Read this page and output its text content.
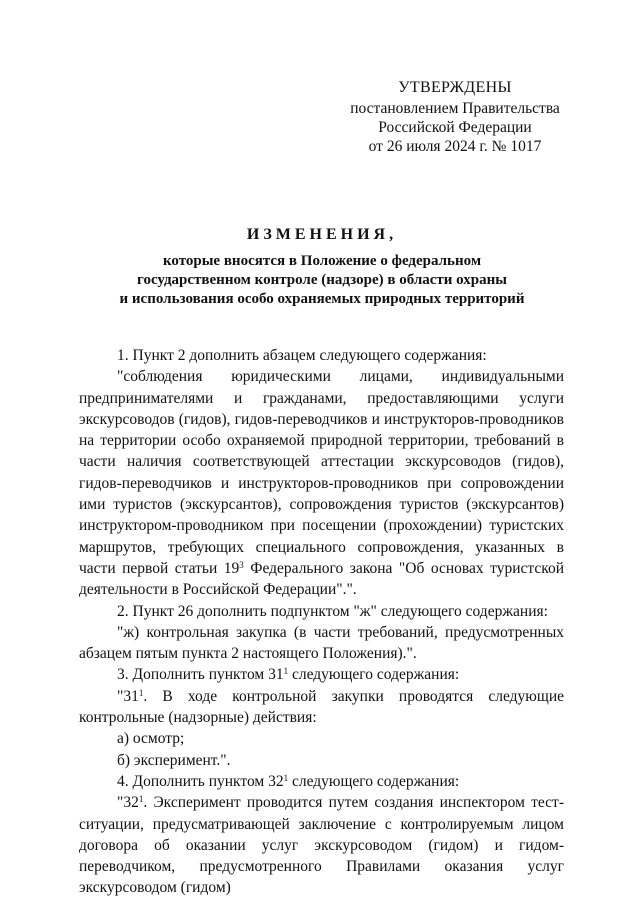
УТВЕРЖДЕНЫ
постановлением Правительства
Российской Федерации
от 26 июля 2024 г. № 1017
ИЗМЕНЕНИЯ,
которые вносятся в Положение о федеральном
государственном контроле (надзоре) в области охраны
и использования особо охраняемых природных территорий

1. Пункт 2 дополнить абзацем следующего содержания:

"соблюдения юридическими лицами, индивидуальными предпринимателями и гражданами, предоставляющими услуги экскурсоводов (гидов), гидов-переводчиков и инструкторов-проводников на территории особо охраняемой природной территории, требований в части наличия соответствующей аттестации экскурсоводов (гидов), гидов-переводчиков и инструкторов-проводников при сопровождении ими туристов (экскурсантов), сопровождения туристов (экскурсантов) инструктором-проводником при посещении (прохождении) туристских маршрутов, требующих специального сопровождения, указанных в части первой статьи $19^3$ Федерального закона "Об основах туристской деятельности в Российской Федерации".".

2. Пункт 26 дополнить подпунктом "ж" следующего содержания:

"ж) контрольная закупка (в части требований, предусмотренных абзацем пятым пункта 2 настоящего Положения).".

3. Дополнить пунктом $31^1$ следующего содержания:

"$31^1$. В ходе контрольной закупки проводятся следующие контрольные (надзорные) действия:

а) осмотр;

б) эксперимент.".

4. Дополнить пунктом $32^1$ следующего содержания:

"$32^1$. Эксперимент проводится путем создания инспектором тест-ситуации, предусматривающей заключение с контролируемым лицом договора об оказании услуг экскурсоводом (гидом) и гидом-переводчиком, предусмотренного Правилами оказания услуг экскурсоводом (гидом)
